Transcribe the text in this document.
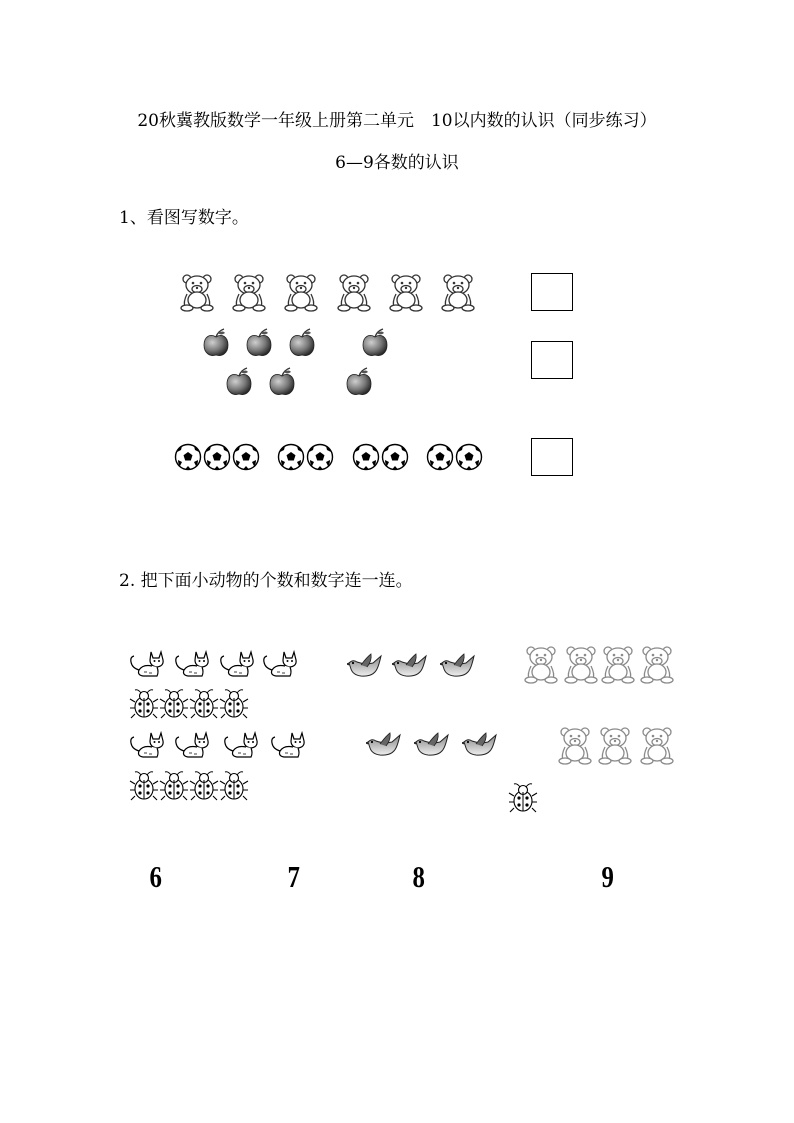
20秋冀教版数学一年级上册第二单元　10以内数的认识（同步练习）
6—9各数的认识
1、看图写数字。
2. 把下面小动物的个数和数字连一连。
6	7	8	9
